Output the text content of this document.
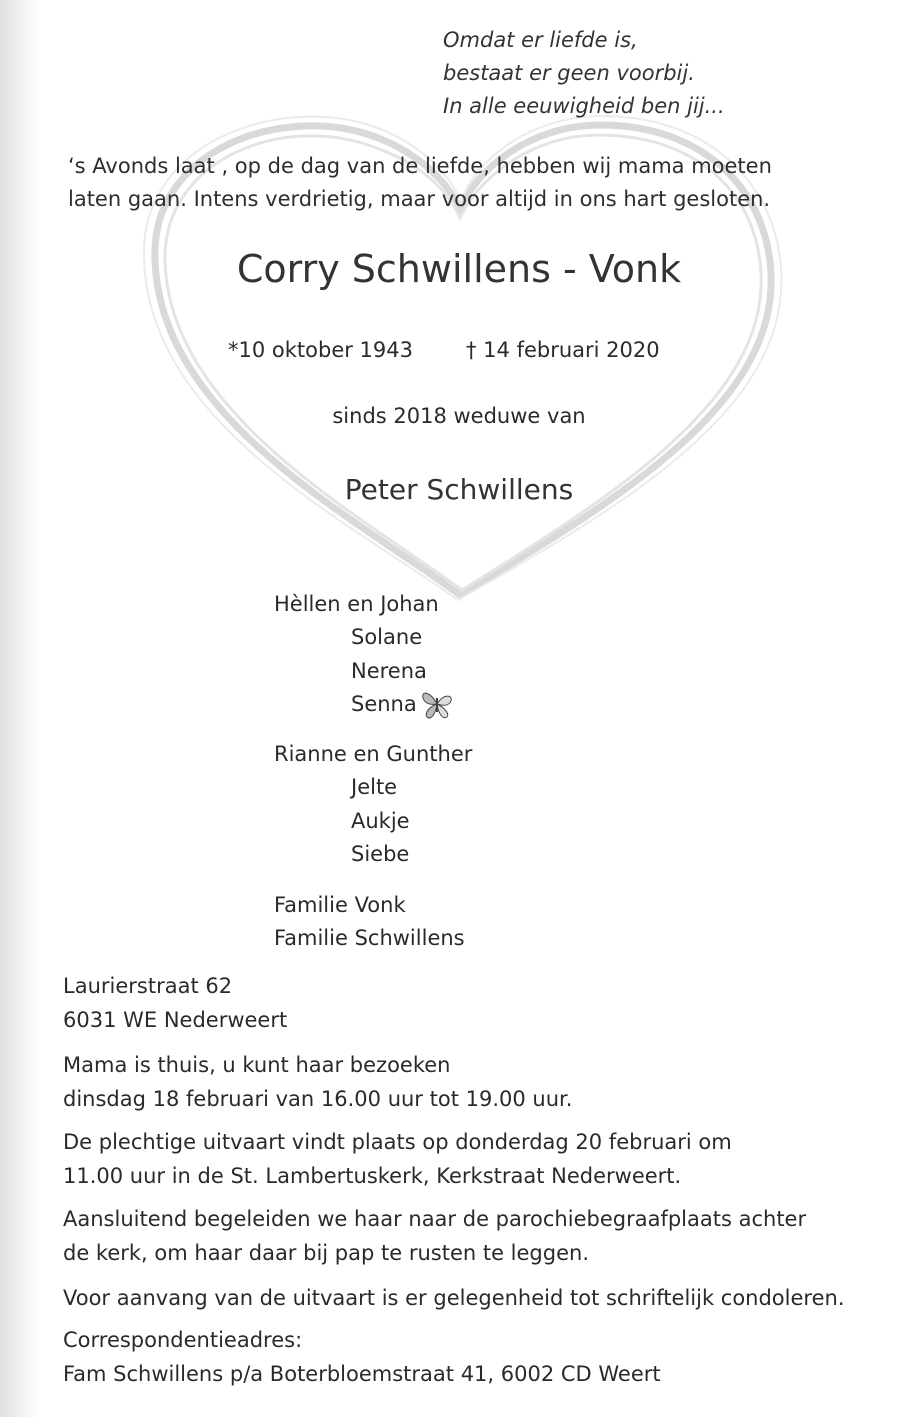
Omdat er liefde is,
bestaat er geen voorbij.
In alle eeuwigheid ben jij...
‘s Avonds laat , op de dag van de liefde, hebben wij mama moeten
laten gaan. Intens verdrietig, maar voor altijd in ons hart gesloten.
Corry Schwillens - Vonk
*10 oktober 1943	† 14 februari 2020
sinds 2018 weduwe van
Peter Schwillens
Hèllen en Johan
Solane
Nerena
Senna
Rianne en Gunther
Jelte
Aukje
Siebe
Familie Vonk
Familie Schwillens
Laurierstraat 62
6031 WE Nederweert
Mama is thuis, u kunt haar bezoeken
dinsdag 18 februari van 16.00 uur tot 19.00 uur.
De plechtige uitvaart vindt plaats op donderdag 20 februari om
11.00 uur in de St. Lambertuskerk, Kerkstraat Nederweert.
Aansluitend begeleiden we haar naar de parochiebegraafplaats achter
de kerk, om haar daar bij pap te rusten te leggen.
Voor aanvang van de uitvaart is er gelegenheid tot schriftelijk condoleren.
Correspondentieadres:
Fam Schwillens p/a Boterbloemstraat 41, 6002 CD Weert
